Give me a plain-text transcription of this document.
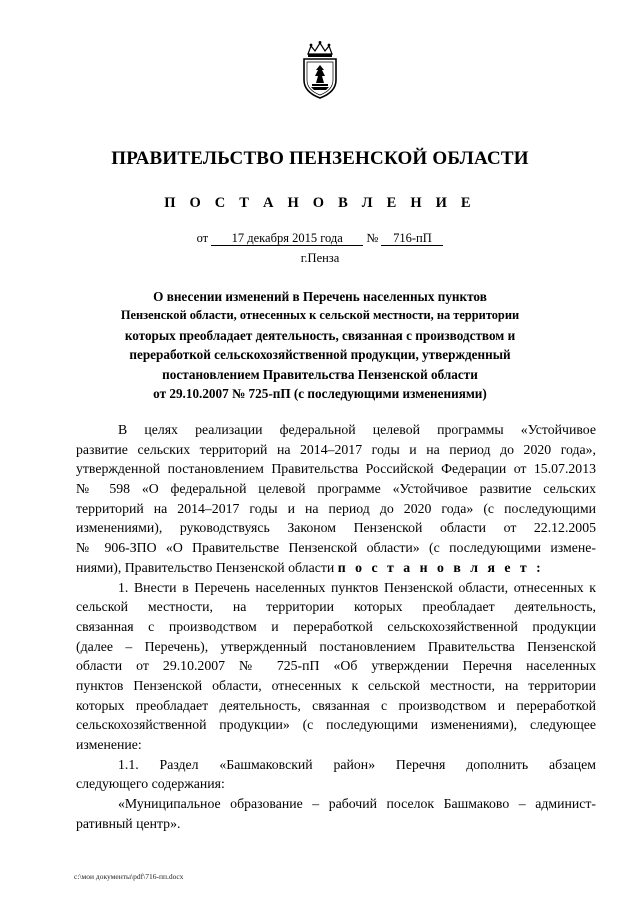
ПРАВИТЕЛЬСТВО ПЕНЗЕНСКОЙ ОБЛАСТИ
П О С Т А Н О В Л Е Н И Е
от 17 декабря 2015 года № 716-пП
г.Пенза
О внесении изменений в Перечень населенных пунктов
Пензенской области, отнесенных к сельской местности, на территории
которых преобладает деятельность, связанная с производством и
переработкой сельскохозяйственной продукции, утвержденный
постановлением Правительства Пензенской области
от 29.10.2007 № 725-пП (с последующими изменениями)
В целях реализации федеральной целевой программы «Устойчивое
развитие сельских территорий на 2014–2017 годы и на период до 2020 года»,
утвержденной постановлением Правительства Российской Федерации от 15.07.2013
№ 598 «О федеральной целевой программе «Устойчивое развитие сельских
территорий на 2014–2017 годы и на период до 2020 года» (с последующими
изменениями), руководствуясь Законом Пензенской области от 22.12.2005
№ 906-ЗПО «О Правительстве Пензенской области» (с последующими измене-
ниями), Правительство Пензенской области п о с т а н о в л я е т :
1. Внести в Перечень населенных пунктов Пензенской области, отнесенных к
сельской местности, на территории которых преобладает деятельность,
связанная с производством и переработкой сельскохозяйственной продукции
(далее – Перечень), утвержденный постановлением Правительства Пензенской
области от 29.10.2007 № 725-пП «Об утверждении Перечня населенных
пунктов Пензенской области, отнесенных к сельской местности, на территории
которых преобладает деятельность, связанная с производством и переработкой
сельскохозяйственной продукции» (с последующими изменениями), следующее
изменение:
1.1. Раздел «Башмаковский район» Перечня дополнить абзацем
следующего содержания:
«Муниципальное образование – рабочий поселок Башмаково – админист-
ративный центр».
c:\мои документы\pdf\716-пп.docx
